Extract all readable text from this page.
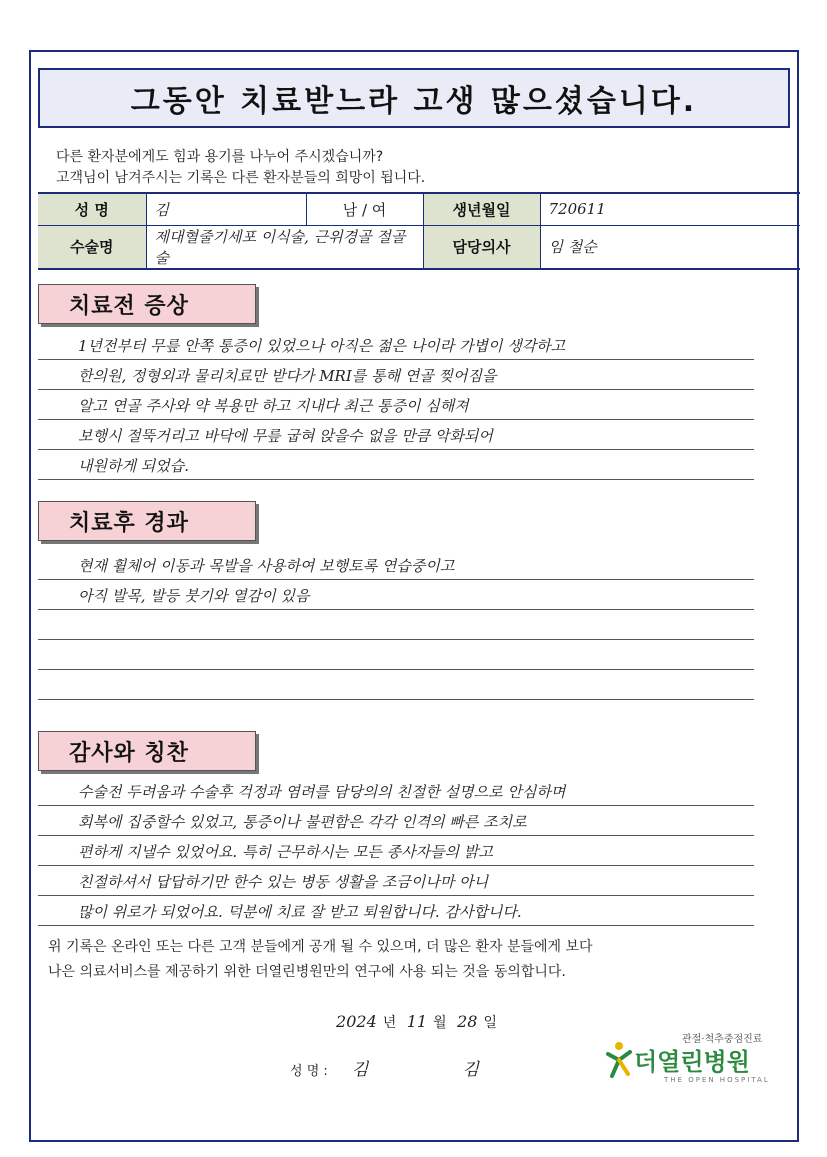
그동안 치료받느라 고생 많으셨습니다.
다른 환자분에게도 힘과 용기를 나누어 주시겠습니까?
고객님이 남겨주시는 기록은 다른 환자분들의 희망이 됩니다.
성 명	김	남 / 여	생년월일	720611
수술명	제대혈줄기세포 이식술, 근위경골 절골술		담당의사	임 철순
치료전 증상
1년전부터 무릎 안쪽 통증이 있었으나 아직은 젊은 나이라 가볍이 생각하고
한의원, 정형외과 물리치료만 받다가 MRI를 통해 연골 찢어짐을
알고 연골 주사와 약 복용만 하고 지내다 최근 통증이 심해져
보행시 절뚝거리고 바닥에 무릎 굽혀 앉을수 없을 만큼 악화되어
내원하게 되었습.
치료후 경과
현재 휠체어 이동과 목발을 사용하여 보행토록 연습중이고
아직 발목, 발등 붓기와 열감이 있음
감사와 칭찬
수술전 두려움과 수술후 걱정과 염려를 담당의의 친절한 설명으로 안심하며
회복에 집중할수 있었고, 통증이나 불편함은 각각 인격의 빠른 조치로
편하게 지낼수 있었어요. 특히 근무하시는 모든 종사자들의 밝고
친절하셔서 답답하기만 한수 있는 병동 생활을 조금이나마 아니
많이 위로가 되었어요. 덕분에 치료 잘 받고 퇴원합니다. 감사합니다.
위 기록은 온라인 또는 다른 고객 분들에게 공개 될 수 있으며, 더 많은 환자 분들에게 보다
나은 의료서비스를 제공하기 위한 더열린병원만의 연구에 사용 되는 것을 동의합니다.
2024 년 11 월 28 일
성 명 : 김	김
관절·척추중점진료
더열린병원
THE OPEN HOSPITAL
